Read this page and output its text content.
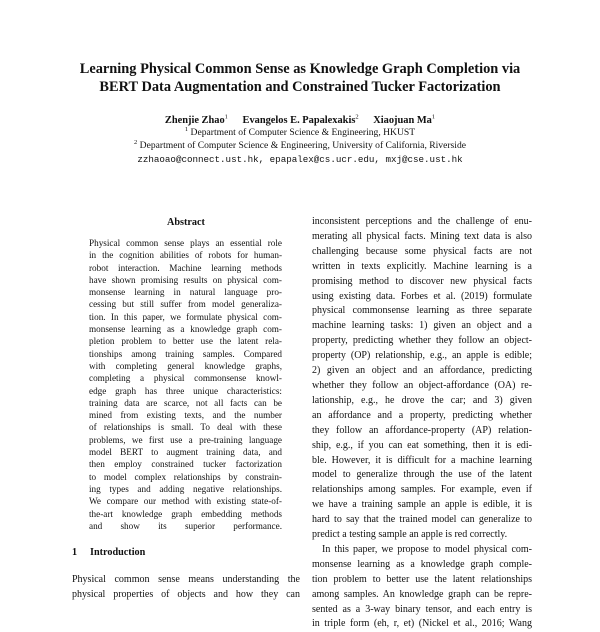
Learning Physical Common Sense as Knowledge Graph Completion via
BERT Data Augmentation and Constrained Tucker Factorization
Zhenjie Zhao$^1$ Evangelos E. Papalexakis$^2$ Xiaojuan Ma$^1$
$^1$ Department of Computer Science & Engineering, HKUST
$^2$ Department of Computer Science & Engineering, University of California, Riverside
zzhaoao@connect.ust.hk, epapalex@cs.ucr.edu, mxj@cse.ust.hk
Abstract
Physical common sense plays an essential role
in the cognition abilities of robots for human-
robot interaction. Machine learning methods
have shown promising results on physical com-
monsense learning in natural language pro-
cessing but still suffer from model generaliza-
tion. In this paper, we formulate physical com-
monsense learning as a knowledge graph com-
pletion problem to better use the latent rela-
tionships among training samples. Compared
with completing general knowledge graphs,
completing a physical commonsense knowl-
edge graph has three unique characteristics:
training data are scarce, not all facts can be
mined from existing texts, and the number
of relationships is small. To deal with these
problems, we first use a pre-training language
model BERT to augment training data, and
then employ constrained tucker factorization
to model complex relationships by constrain-
ing types and adding negative relationships.
We compare our method with existing state-of-
the-art knowledge graph embedding methods
and show its superior performance.
1 Introduction
Physical common sense means understanding the
physical properties of objects and how they can
inconsistent perceptions and the challenge of enu-
merating all physical facts. Mining text data is also
challenging because some physical facts are not
written in texts explicitly. Machine learning is a
promising method to discover new physical facts
using existing data. Forbes et al. (2019) formulate
physical commonsense learning as three separate
machine learning tasks: 1) given an object and a
property, predicting whether they follow an object-
property (OP) relationship, e.g., an apple is edible;
2) given an object and an affordance, predicting
whether they follow an object-affordance (OA) re-
lationship, e.g., he drove the car; and 3) given
an affordance and a property, predicting whether
they follow an affordance-property (AP) relation-
ship, e.g., if you can eat something, then it is edi-
ble. However, it is difficult for a machine learning
model to generalize through the use of the latent
relationships among samples. For example, even if
we have a training sample an apple is edible, it is
hard to say that the trained model can generalize to
predict a testing sample an apple is red correctly.
In this paper, we propose to model physical com-
monsense learning as a knowledge graph comple-
tion problem to better use the latent relationships
among samples. An knowledge graph can be repre-
sented as a 3-way binary tensor, and each entry is
in triple form (eh, r, et) (Nickel et al., 2016; Wang
